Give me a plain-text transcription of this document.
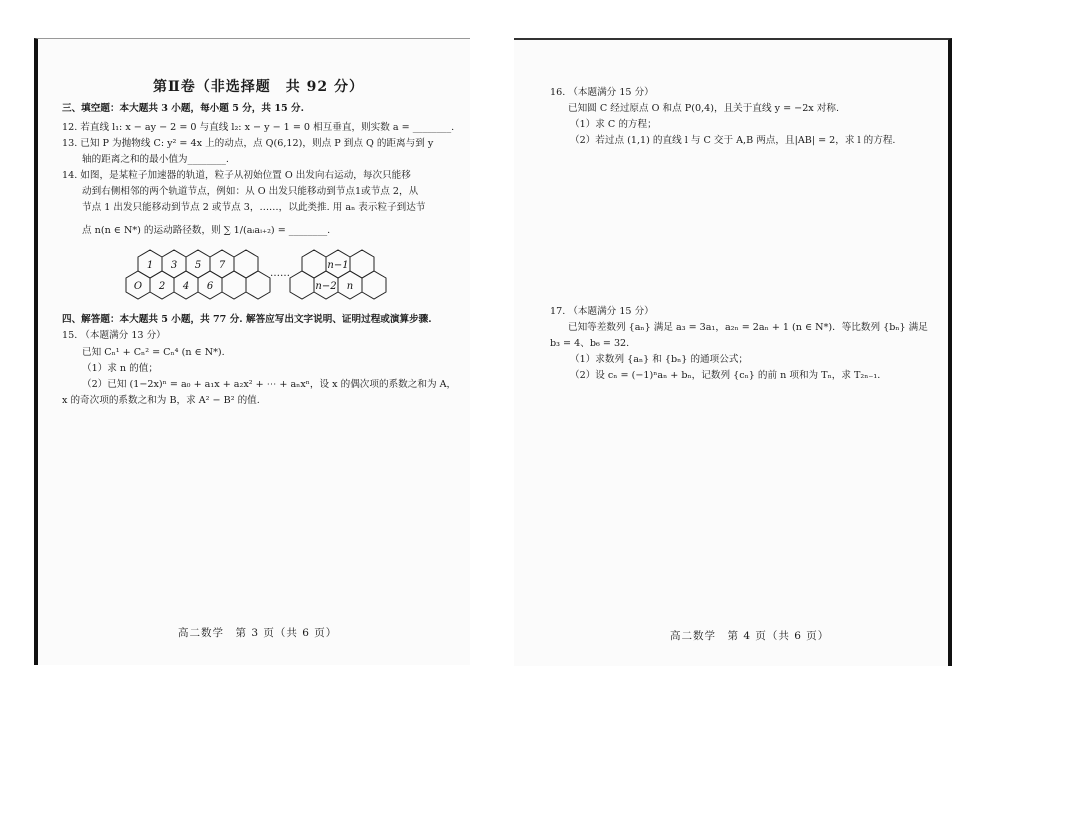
第Ⅱ卷（非选择题　共 92 分）
三、填空题：本大题共 3 小题，每小题 5 分，共 15 分.
12. 若直线 l₁: x − ay − 2 = 0 与直线 l₂: x − y − 1 = 0 相互垂直，则实数 a = ________.
13. 已知 P 为抛物线 C: y² = 4x 上的动点，点 Q(6,12)，则点 P 到点 Q 的距离与到 y
轴的距离之和的最小值为________.
14. 如图，是某粒子加速器的轨道，粒子从初始位置 O 出发向右运动，每次只能移
动到右侧相邻的两个轨道节点，例如：从 O 出发只能移动到节点1或节点 2，从
节点 1 出发只能移动到节点 2 或节点 3，……，以此类推. 用 aₙ 表示粒子到达节
点 n(n ∈ N*) 的运动路径数，则 ∑ 1/(aᵢaᵢ₊₂) = ________.
1 3 5 7
O 2 4 6
n−1
n−2 n
……
四、解答题：本大题共 5 小题，共 77 分. 解答应写出文字说明、证明过程或演算步骤.
15. （本题满分 13 分）
已知 Cₙ¹ + Cₙ² = Cₙ⁴ (n ∈ N*).
（1）求 n 的值；
（2）已知 (1−2x)ⁿ = a₀ + a₁x + a₂x² + ⋯ + aₙxⁿ，设 x 的偶次项的系数之和为 A，
x 的奇次项的系数之和为 B，求 A² − B² 的值.
高二数学　第 3 页（共 6 页）
16. （本题满分 15 分）
已知圆 C 经过原点 O 和点 P(0,4)，且关于直线 y = −2x 对称.
（1）求 C 的方程；
（2）若过点 (1,1) 的直线 l 与 C 交于 A,B 两点，且|AB| = 2，求 l 的方程.
17. （本题满分 15 分）
已知等差数列 {aₙ} 满足 a₃ = 3a₁，a₂ₙ = 2aₙ + 1 (n ∈ N*)．等比数列 {bₙ} 满足
b₃ = 4、b₆ = 32.
（1）求数列 {aₙ} 和 {bₙ} 的通项公式；
（2）设 cₙ = (−1)ⁿaₙ + bₙ，记数列 {cₙ} 的前 n 项和为 Tₙ，求 T₂ₙ₋₁.
高二数学　第 4 页（共 6 页）
